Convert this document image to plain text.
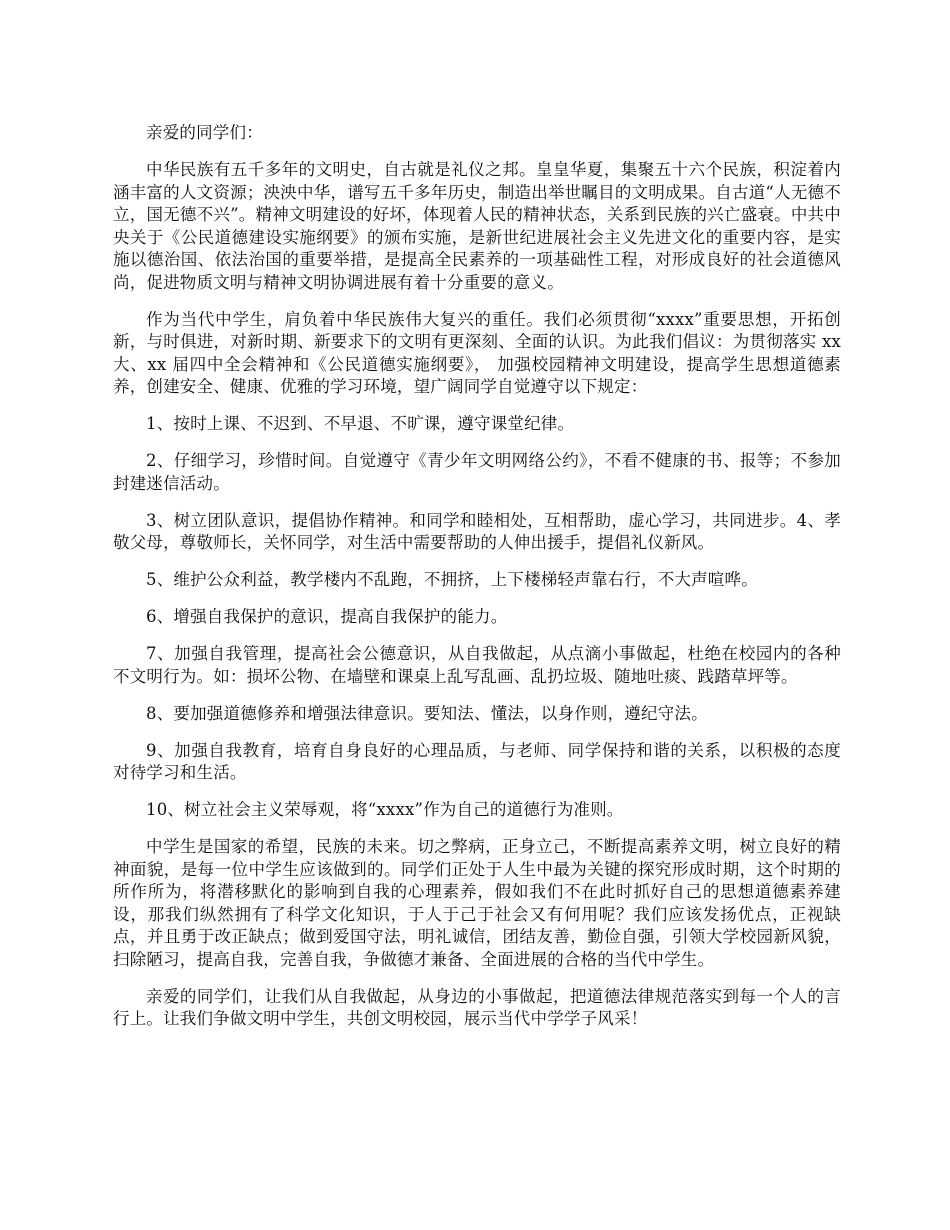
亲爱的同学们：

中华民族有五千多年的文明史，自古就是礼仪之邦。皇皇华夏，集聚五十六个民族，积淀着内涵丰富的人文资源；泱泱中华，谱写五千多年历史，制造出举世瞩目的文明成果。自古道“人无德不立，国无德不兴”。精神文明建设的好坏，体现着人民的精神状态，关系到民族的兴亡盛衰。中共中央关于《公民道德建设实施纲要》的颁布实施，是新世纪进展社会主义先进文化的重要内容，是实施以德治国、依法治国的重要举措，是提高全民素养的一项基础性工程，对形成良好的社会道德风尚，促进物质文明与精神文明协调进展有着十分重要的意义。

作为当代中学生，肩负着中华民族伟大复兴的重任。我们必须贯彻“xxxx”重要思想，开拓创新，与时俱进，对新时期、新要求下的文明有更深刻、全面的认识。为此我们倡议：为贯彻落实 xx 大、xx 届四中全会精神和《公民道德实施纲要》， 加强校园精神文明建设，提高学生思想道德素养，创建安全、健康、优雅的学习环境，望广阔同学自觉遵守以下规定：

1、按时上课、不迟到、不早退、不旷课，遵守课堂纪律。

2、仔细学习，珍惜时间。自觉遵守《青少年文明网络公约》，不看不健康的书、报等；不参加封建迷信活动。

3、树立团队意识，提倡协作精神。和同学和睦相处，互相帮助，虚心学习，共同进步。4、孝敬父母，尊敬师长，关怀同学，对生活中需要帮助的人伸出援手，提倡礼仪新风。

5、维护公众利益，教学楼内不乱跑，不拥挤，上下楼梯轻声靠右行，不大声喧哗。

6、增强自我保护的意识，提高自我保护的能力。

7、加强自我管理，提高社会公德意识，从自我做起，从点滴小事做起，杜绝在校园内的各种不文明行为。如：损坏公物、在墙壁和课桌上乱写乱画、乱扔垃圾、随地吐痰、践踏草坪等。

8、要加强道德修养和增强法律意识。要知法、懂法，以身作则，遵纪守法。

9、加强自我教育，培育自身良好的心理品质，与老师、同学保持和谐的关系，以积极的态度对待学习和生活。

10、树立社会主义荣辱观，将“xxxx”作为自己的道德行为准则。

中学生是国家的希望，民族的未来。切之弊病，正身立己，不断提高素养文明，树立良好的精神面貌，是每一位中学生应该做到的。同学们正处于人生中最为关键的探究形成时期，这个时期的所作所为，将潜移默化的影响到自我的心理素养，假如我们不在此时抓好自己的思想道德素养建设，那我们纵然拥有了科学文化知识，于人于己于社会又有何用呢？我们应该发扬优点，正视缺点，并且勇于改正缺点；做到爱国守法，明礼诚信，团结友善，勤俭自强，引领大学校园新风貌，扫除陋习，提高自我，完善自我，争做德才兼备、全面进展的合格的当代中学生。

亲爱的同学们，让我们从自我做起，从身边的小事做起，把道德法律规范落实到每一个人的言行上。让我们争做文明中学生，共创文明校园，展示当代中学学子风采！
